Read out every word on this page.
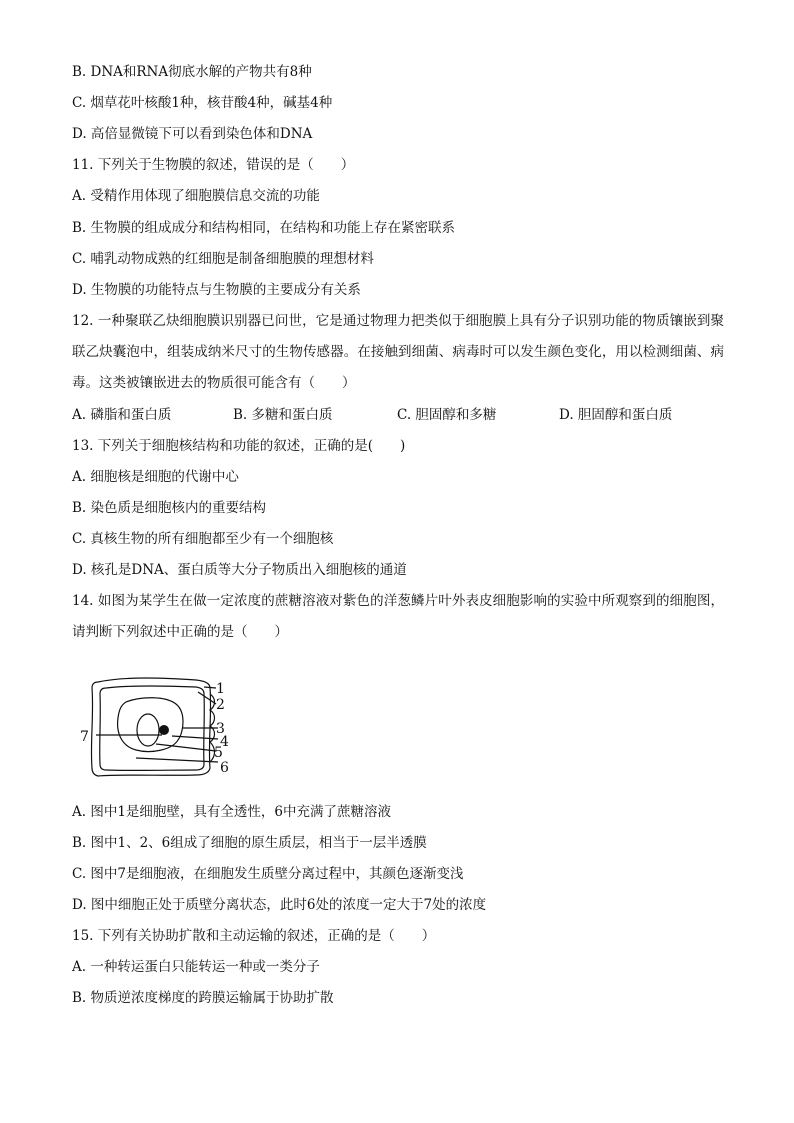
B. DNA和RNA彻底水解的产物共有8种
C. 烟草花叶核酸1种，核苷酸4种，碱基4种
D. 高倍显微镜下可以看到染色体和DNA
11. 下列关于生物膜的叙述，错误的是（　　）
A. 受精作用体现了细胞膜信息交流的功能
B. 生物膜的组成成分和结构相同，在结构和功能上存在紧密联系
C. 哺乳动物成熟的红细胞是制备细胞膜的理想材料
D. 生物膜的功能特点与生物膜的主要成分有关系
12. 一种聚联乙炔细胞膜识别器已问世，它是通过物理力把类似于细胞膜上具有分子识别功能的物质镶嵌到聚联乙炔囊泡中，组装成纳米尺寸的生物传感器。在接触到细菌、病毒时可以发生颜色变化，用以检测细菌、病毒。这类被镶嵌进去的物质很可能含有（　　）
A. 磷脂和蛋白质	B. 多糖和蛋白质	C. 胆固醇和多糖	D. 胆固醇和蛋白质
13. 下列关于细胞核结构和功能的叙述，正确的是(　　)
A. 细胞核是细胞的代谢中心
B. 染色质是细胞核内的重要结构
C. 真核生物的所有细胞都至少有一个细胞核
D. 核孔是DNA、蛋白质等大分子物质出入细胞核的通道
14. 如图为某学生在做一定浓度的蔗糖溶液对紫色的洋葱鳞片叶外表皮细胞影响的实验中所观察到的细胞图，请判断下列叙述中正确的是（　　）
A. 图中1是细胞壁，具有全透性，6中充满了蔗糖溶液
B. 图中1、2、6组成了细胞的原生质层，相当于一层半透膜
C. 图中7是细胞液，在细胞发生质壁分离过程中，其颜色逐渐变浅
D. 图中细胞正处于质壁分离状态，此时6处的浓度一定大于7处的浓度
15. 下列有关协助扩散和主动运输的叙述，正确的是（　　）
A. 一种转运蛋白只能转运一种或一类分子
B. 物质逆浓度梯度的跨膜运输属于协助扩散
1
2
3
4
5
6
7
